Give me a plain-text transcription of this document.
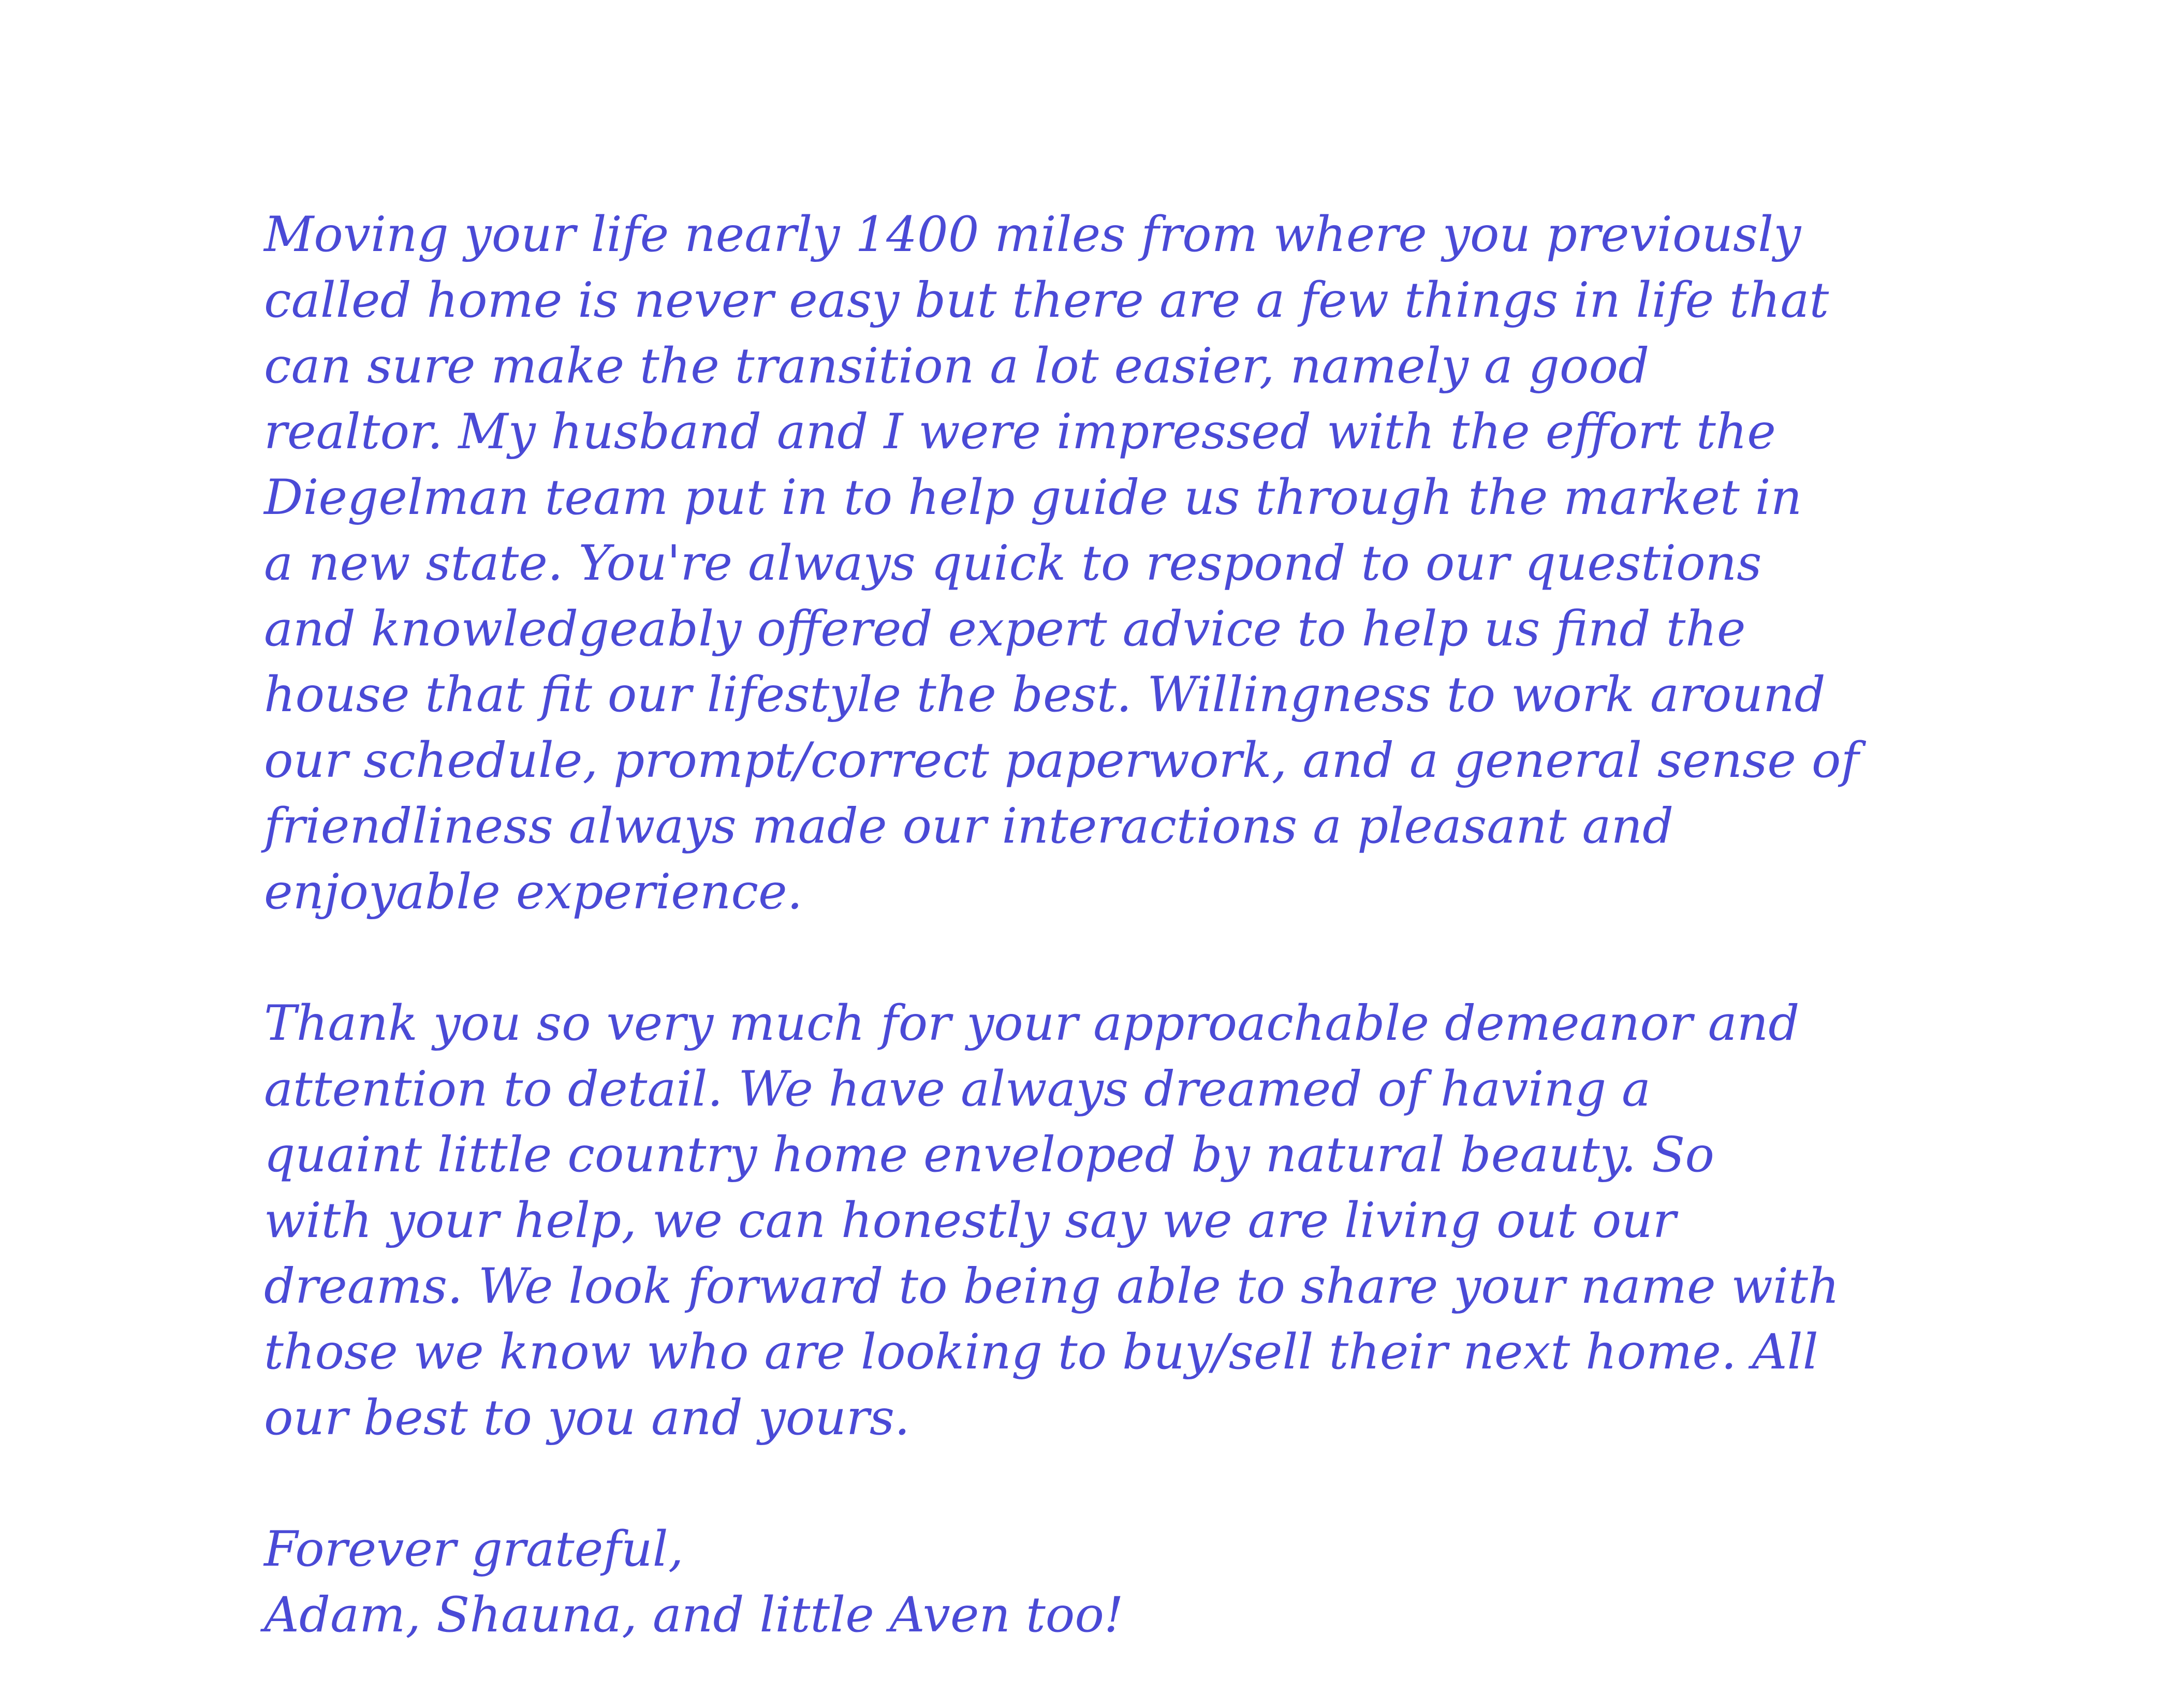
Moving your life nearly 1400 miles from where you previously
called home is never easy but there are a few things in life that
can sure make the transition a lot easier, namely a good
realtor. My husband and I were impressed with the effort the
Diegelman team put in to help guide us through the market in
a new state. You're always quick to respond to our questions
and knowledgeably offered expert advice to help us find the
house that fit our lifestyle the best. Willingness to work around
our schedule, prompt/correct paperwork, and a general sense of
friendliness always made our interactions a pleasant and
enjoyable experience.
Thank you so very much for your approachable demeanor and
attention to detail. We have always dreamed of having a
quaint little country home enveloped by natural beauty. So
with your help, we can honestly say we are living out our
dreams. We look forward to being able to share your name with
those we know who are looking to buy/sell their next home. All
our best to you and yours.
Forever grateful,
Adam, Shauna, and little Aven too!
